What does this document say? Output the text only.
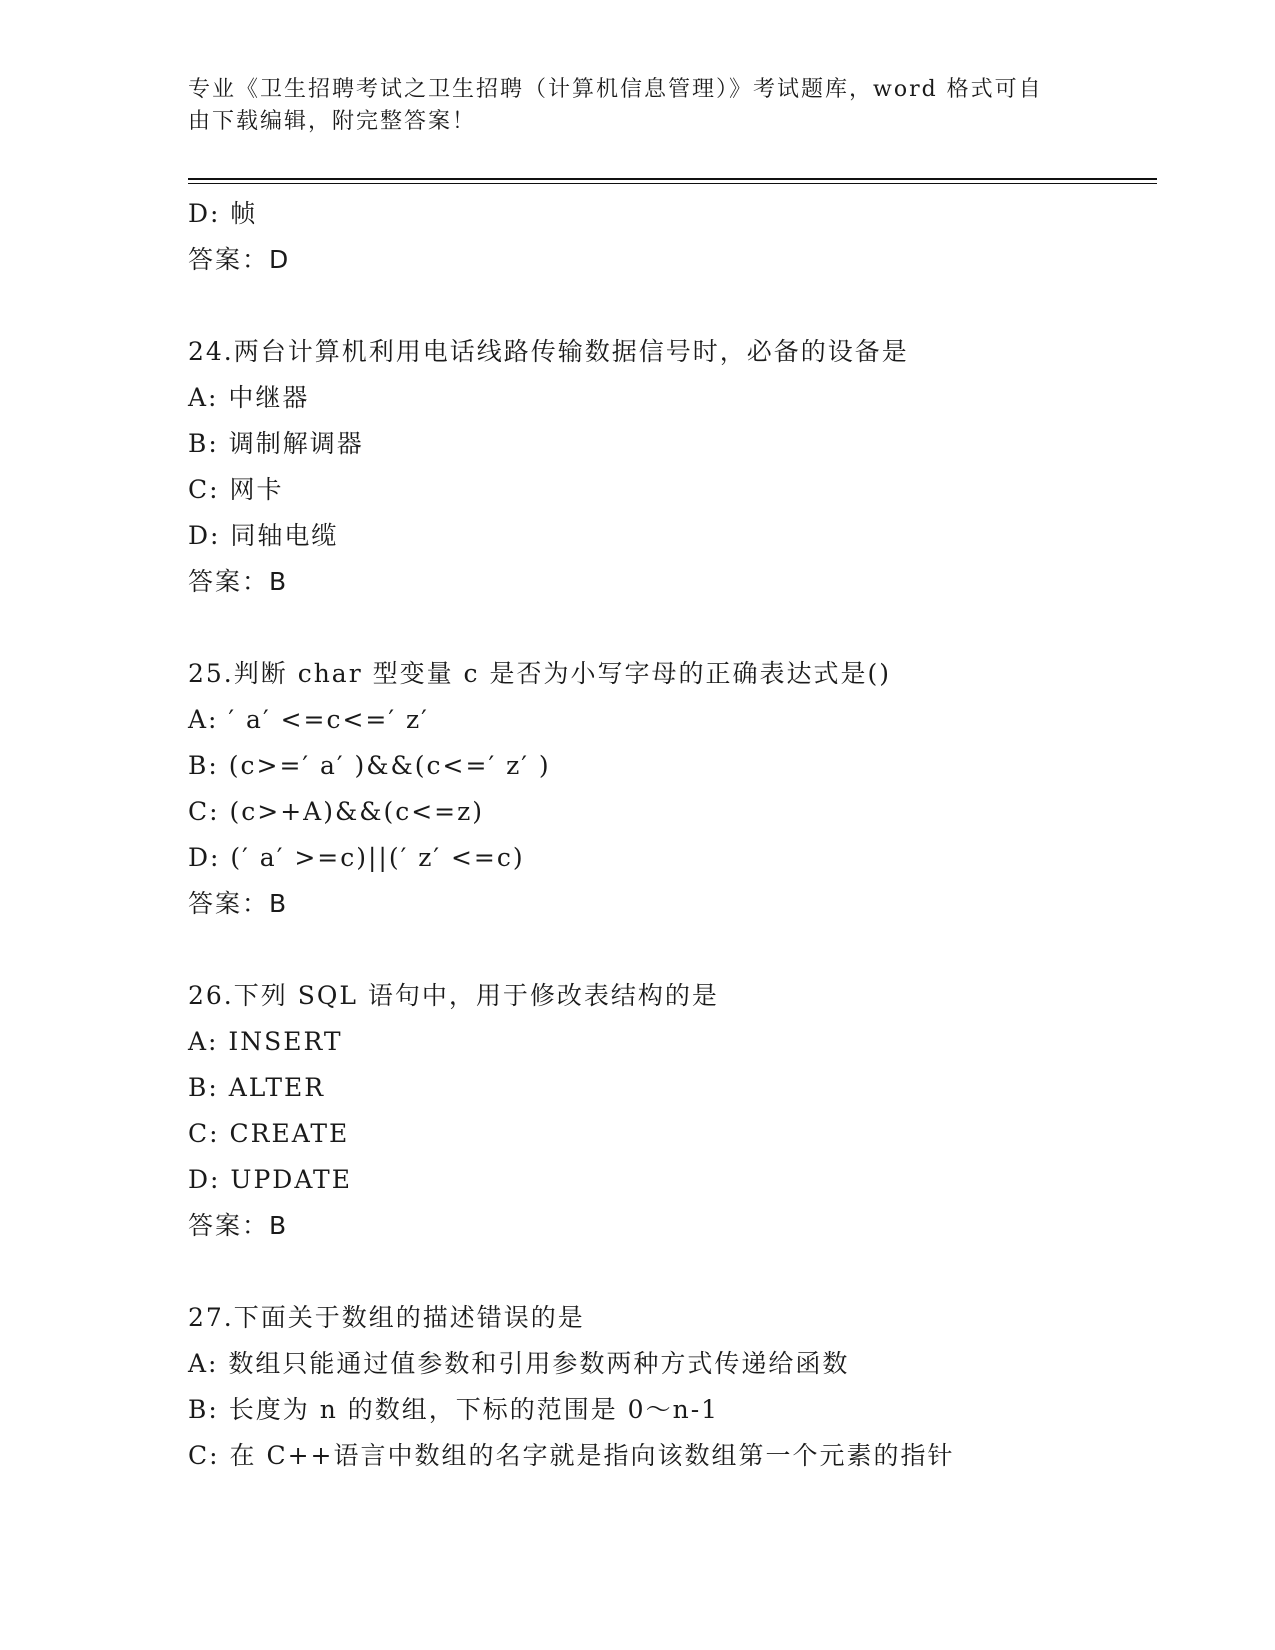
专业《卫生招聘考试之卫生招聘（计算机信息管理）》考试题库，word 格式可自
由下载编辑，附完整答案！
D: 帧
答案：D
24.两台计算机利用电话线路传输数据信号时，必备的设备是
A: 中继器
B: 调制解调器
C: 网卡
D: 同轴电缆
答案：B
25.判断 char 型变量 c 是否为小写字母的正确表达式是()
A: ′ a′ <=c<=′ z′
B: (c>=′ a′ )&&(c<=′ z′ )
C: (c>+A)&&(c<=z)
D: (′ a′ >=c)||(′ z′ <=c)
答案：B
26.下列 SQL 语句中，用于修改表结构的是
A: INSERT
B: ALTER
C: CREATE
D: UPDATE
答案：B
27.下面关于数组的描述错误的是
A: 数组只能通过值参数和引用参数两种方式传递给函数
B: 长度为 n 的数组，下标的范围是 0～n-1
C: 在 C++语言中数组的名字就是指向该数组第一个元素的指针
